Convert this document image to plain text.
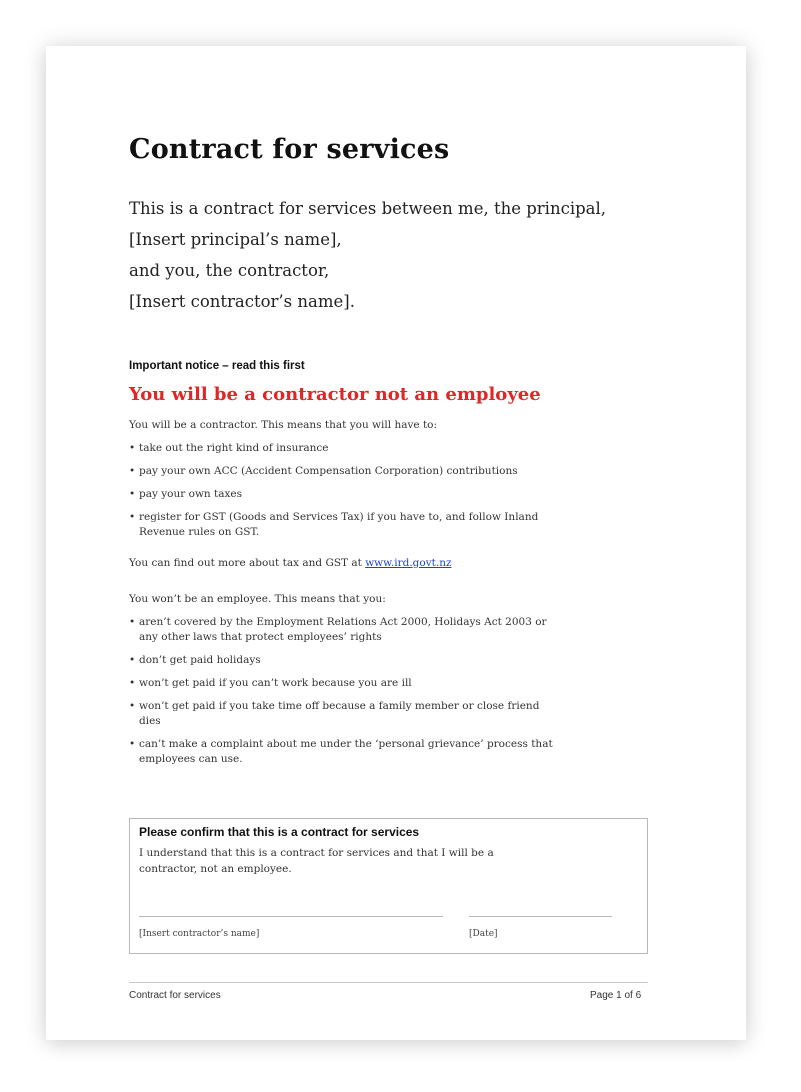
Contract for services
This is a contract for services between me, the principal,
[Insert principal’s name],
and you, the contractor,
[Insert contractor’s name].
Important notice – read this first
You will be a contractor not an employee

You will be a contractor. This means that you will have to:

• take out the right kind of insurance
• pay your own ACC (Accident Compensation Corporation) contributions
• pay your own taxes
• register for GST (Goods and Services Tax) if you have to, and follow Inland Revenue rules on GST.

You can find out more about tax and GST at www.ird.govt.nz

You won’t be an employee. This means that you:

• aren’t covered by the Employment Relations Act 2000, Holidays Act 2003 or any other laws that protect employees’ rights
• don’t get paid holidays
• won’t get paid if you can’t work because you are ill
• won’t get paid if you take time off because a family member or close friend dies
• can’t make a complaint about me under the ‘personal grievance’ process that employees can use.
Please confirm that this is a contract for services
I understand that this is a contract for services and that I will be a contractor, not an employee.
[Insert contractor’s name]	[Date]
Contract for services	Page 1 of 6
